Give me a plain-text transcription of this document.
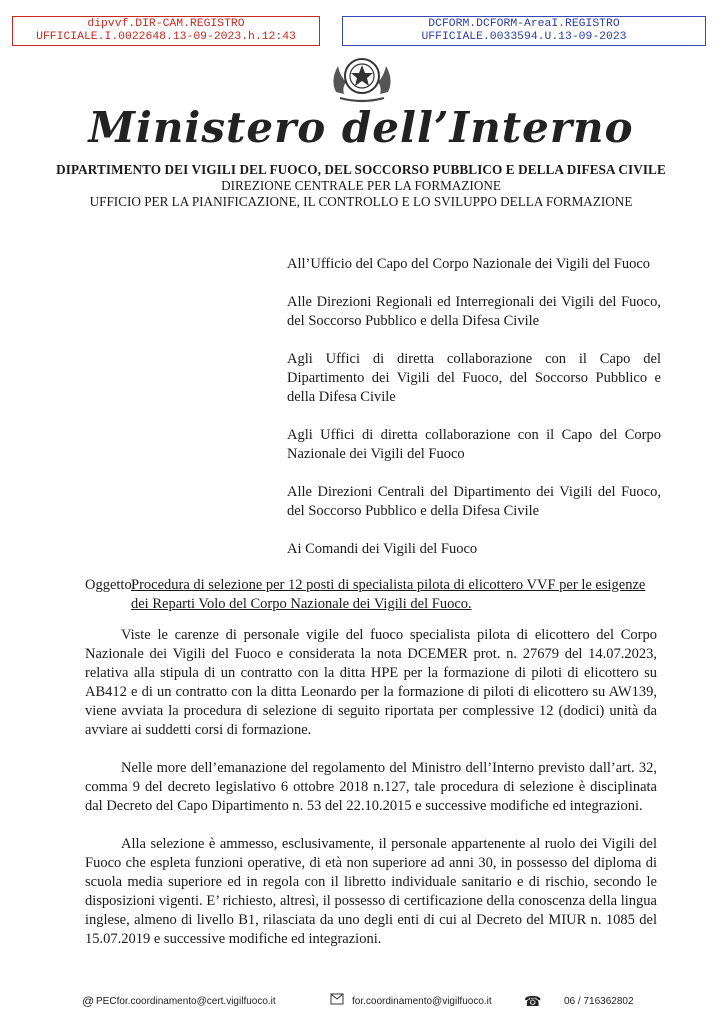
dipvvf.DIR-CAM.REGISTRO
UFFICIALE.I.0022648.13-09-2023.h.12:43
DCFORM.DCFORM-AreaI.REGISTRO
UFFICIALE.0033594.U.13-09-2023
Ministero dell’Interno
DIPARTIMENTO DEI VIGILI DEL FUOCO, DEL SOCCORSO PUBBLICO E DELLA DIFESA CIVILE
DIREZIONE CENTRALE PER LA FORMAZIONE
UFFICIO PER LA PIANIFICAZIONE, IL CONTROLLO E LO SVILUPPO DELLA FORMAZIONE
All’Ufficio del Capo del Corpo Nazionale dei Vigili del Fuoco
Alle Direzioni Regionali ed Interregionali dei Vigili del Fuoco, del Soccorso Pubblico e della Difesa Civile
Agli Uffici di diretta collaborazione con il Capo del Dipartimento dei Vigili del Fuoco, del Soccorso Pubblico e della Difesa Civile
Agli Uffici di diretta collaborazione con il Capo del Corpo Nazionale dei Vigili del Fuoco
Alle Direzioni Centrali del Dipartimento dei Vigili del Fuoco, del Soccorso Pubblico e della Difesa Civile
Ai Comandi dei Vigili del Fuoco
Oggetto:
Procedura di selezione per 12 posti di specialista pilota di elicottero VVF per le esigenze dei Reparti Volo del Corpo Nazionale dei Vigili del Fuoco.

Viste le carenze di personale vigile del fuoco specialista pilota di elicottero del Corpo Nazionale dei Vigili del Fuoco e considerata la nota DCEMER prot. n. 27679 del 14.07.2023, relativa alla stipula di un contratto con la ditta HPE per la formazione di piloti di elicottero su AB412 e di un contratto con la ditta Leonardo per la formazione di piloti di elicottero su AW139, viene avviata la procedura di selezione di seguito riportata per complessive 12 (dodici) unità da avviare ai suddetti corsi di formazione.

Nelle more dell’emanazione del regolamento del Ministro dell’Interno previsto dall’art. 32, comma 9 del decreto legislativo 6 ottobre 2018 n.127, tale procedura di selezione è disciplinata dal Decreto del Capo Dipartimento n. 53 del 22.10.2015 e successive modifiche ed integrazioni.

Alla selezione è ammesso, esclusivamente, il personale appartenente al ruolo dei Vigili del Fuoco che espleta funzioni operative, di età non superiore ad anni 30, in possesso del diploma di scuola media superiore ed in regola con il libretto individuale sanitario e di rischio, secondo le disposizioni vigenti. E’ richiesto, altresì, il possesso di certificazione della conoscenza della lingua inglese, almeno di livello B1, rilasciata da uno degli enti di cui al Decreto del MIUR n. 1085 del 15.07.2019 e successive modifiche ed integrazioni.

@ PECfor.coordinamento@cert.vigilfuoco.it	for.coordinamento@vigilfuoco.it ☎ 06 / 716362802
